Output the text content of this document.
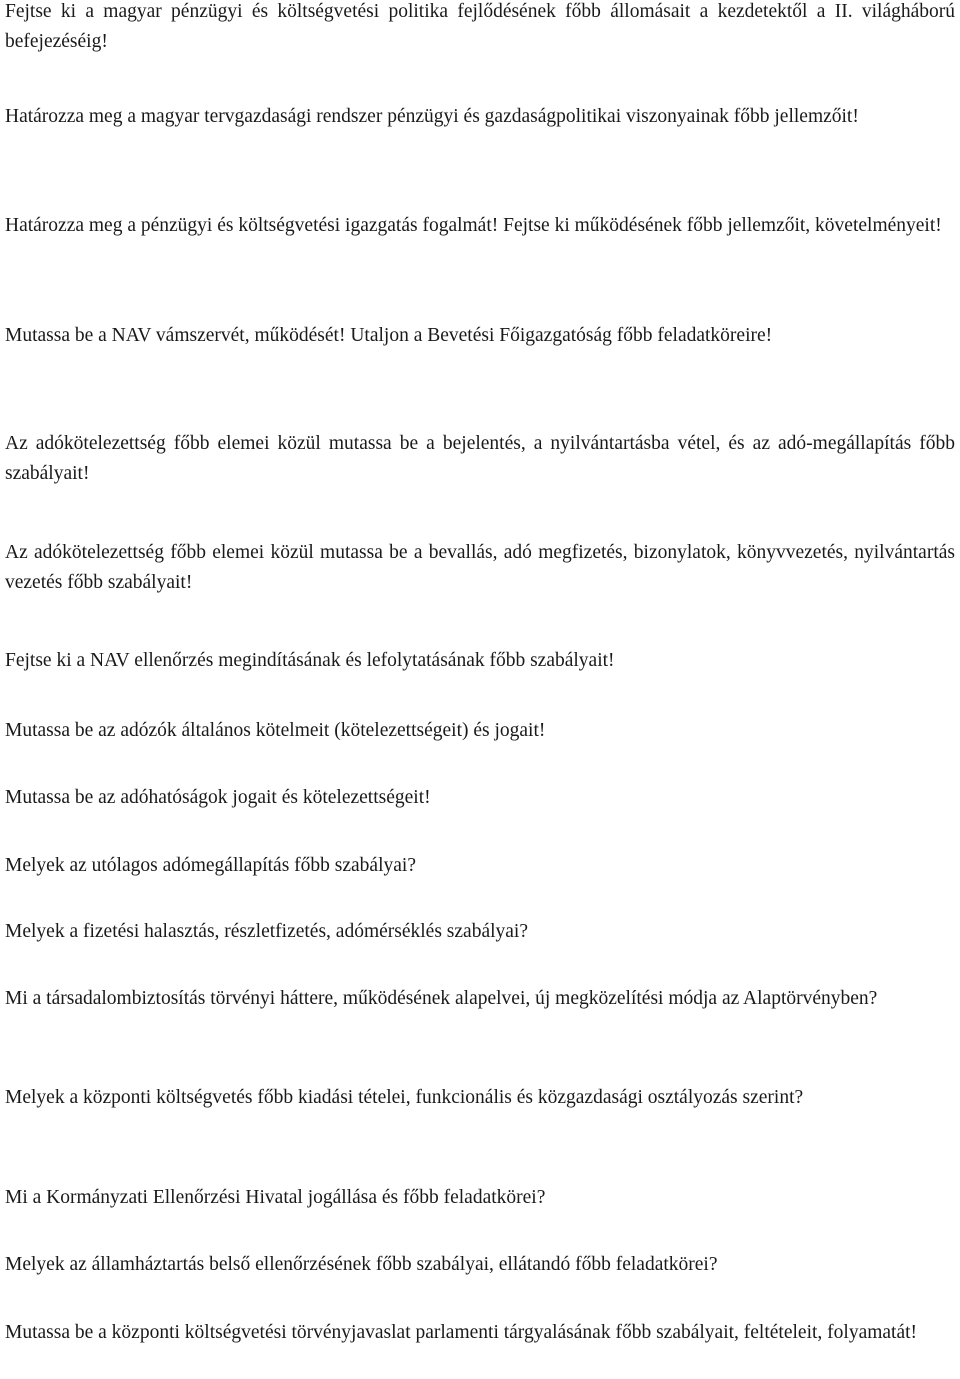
Fejtse ki a magyar pénzügyi és költségvetési politika fejlődésének főbb állomásait a kezdetektől a II. világháború befejezéséig!

Határozza meg a magyar tervgazdasági rendszer pénzügyi és gazdaságpolitikai viszonyainak főbb jellemzőit!

Határozza meg a pénzügyi és költségvetési igazgatás fogalmát! Fejtse ki működésének főbb jellemzőit, követelményeit!

Mutassa be a NAV vámszervét, működését! Utaljon a Bevetési Főigazgatóság főbb feladatköreire!

Az adókötelezettség főbb elemei közül mutassa be a bejelentés, a nyilvántartásba vétel, és az adó-megállapítás főbb szabályait!

Az adókötelezettség főbb elemei közül mutassa be a bevallás, adó megfizetés, bizonylatok, könyvvezetés, nyilvántartás vezetés főbb szabályait!

Fejtse ki a NAV ellenőrzés megindításának és lefolytatásának főbb szabályait!

Mutassa be az adózók általános kötelmeit (kötelezettségeit) és jogait!

Mutassa be az adóhatóságok jogait és kötelezettségeit!

Melyek az utólagos adómegállapítás főbb szabályai?

Melyek a fizetési halasztás, részletfizetés, adómérséklés szabályai?

Mi a társadalombiztosítás törvényi háttere, működésének alapelvei, új megközelítési módja az Alaptörvényben?

Melyek a központi költségvetés főbb kiadási tételei, funkcionális és közgazdasági osztályozás szerint?

Mi a Kormányzati Ellenőrzési Hivatal jogállása és főbb feladatkörei?

Melyek az államháztartás belső ellenőrzésének főbb szabályai, ellátandó főbb feladatkörei?

Mutassa be a központi költségvetési törvényjavaslat parlamenti tárgyalásának főbb szabályait, feltételeit, folyamatát!
